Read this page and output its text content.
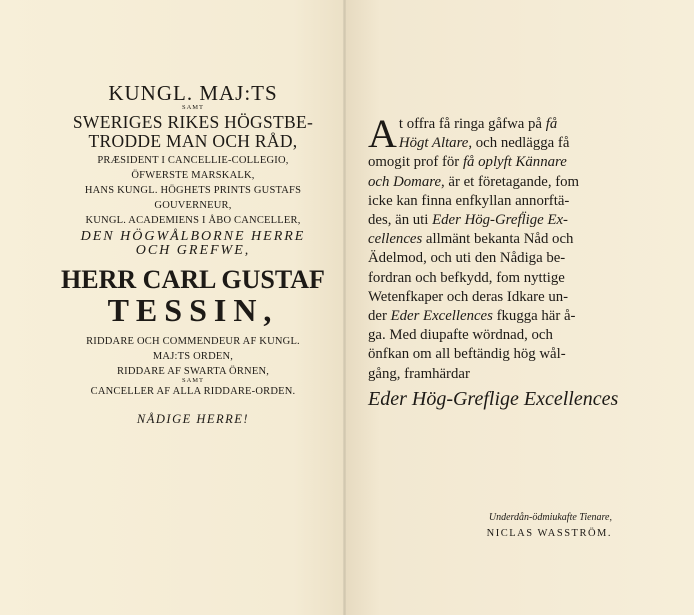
KUNGL. MAJ:TS
SAMT
SWERIGES RIKES HÖGSTBE-
TRODDE MAN OCH RÅD,
PRÆSIDENT I CANCELLIE-COLLEGIO,
ÖFWERSTE MARSKALK,
HANS KUNGL. HÖGHETS PRINTS GUSTAFS
GOUVERNEUR,
KUNGL. ACADEMIENS I ÅBO CANCELLER,
DEN HÖGWÅLBORNE HERRE
OCH GREFWE,
HERR CARL GUSTAF
TESSIN,
RIDDARE OCH COMMENDEUR AF KUNGL.
MAJ:TS ORDEN,
RIDDARE AF SWARTA ÖRNEN,
SAMT
CANCELLER AF ALLA RIDDARE-ORDEN.
NÅDIGE HERRE!
A t offra få ringa gåfwa på få
Högt Altare, och nedlägga få
omogit prof för få oplyft Kännare
och Domare, är et företagande, fom
icke kan finna enfkyllan annorftä-
des, än uti Eder Hög-Grefl̈ige Ex-
cellences allmänt bekanta Nåd och
Ädelmod, och uti den Nådiga be-
fordran och befkydd, fom nyttige
Wetenfkaper och deras Idkare un-
der Eder Excellences fkugga här å-
ga. Med diupafte wördnad, och
önfkan om all beftändig hög wål-
gång, framhärdar
Eder Hög-Greflige Excellences
Underdån-ödmiukafte Tienare,
NICLAS WASSTRÖM.
